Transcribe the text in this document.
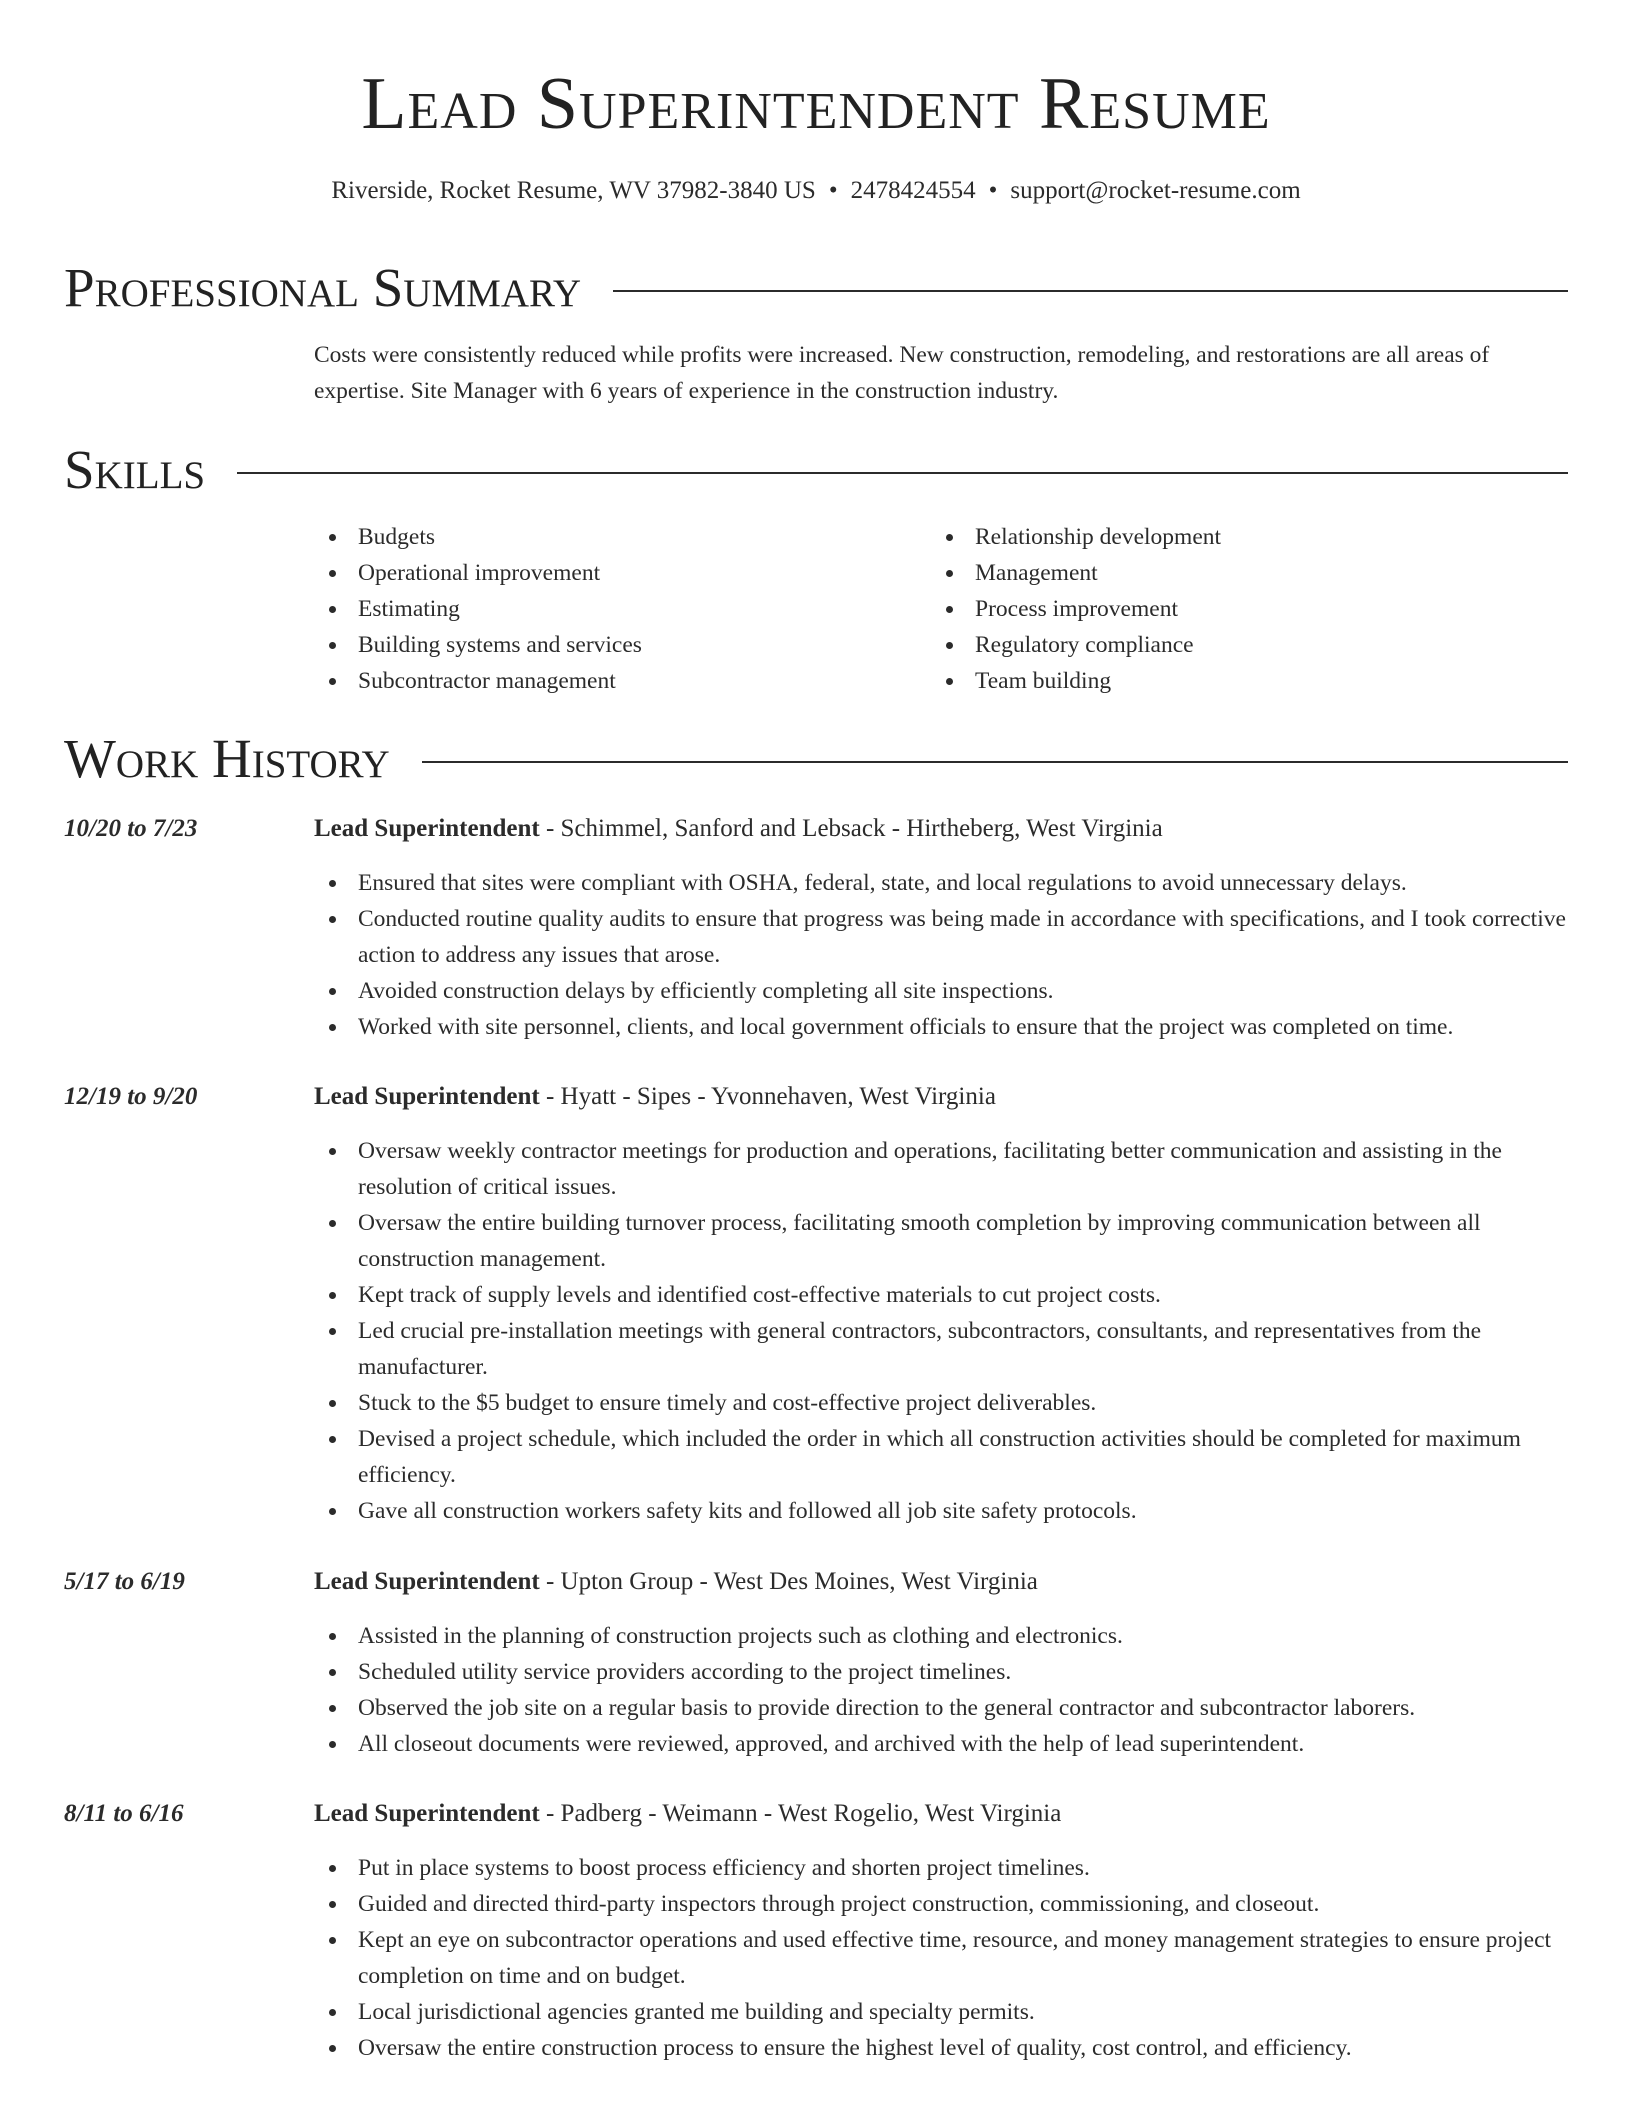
Lead Superintendent Resume
Riverside, Rocket Resume, WV 37982-3840 US • 2478424554 • support@rocket-resume.com
Professional Summary

Costs were consistently reduced while profits were increased. New construction, remodeling, and restorations are all areas of expertise. Site Manager with 6 years of experience in the construction industry.

Skills
Budgets
Operational improvement
Estimating
Building systems and services
Subcontractor management
Relationship development
Management
Process improvement
Regulatory compliance
Team building
Work History
10/20 to 7/23	Lead Superintendent - Schimmel, Sanford and Lebsack - Hirtheberg, West Virginia
Ensured that sites were compliant with OSHA, federal, state, and local regulations to avoid unnecessary delays.
Conducted routine quality audits to ensure that progress was being made in accordance with specifications, and I took corrective action to address any issues that arose.
Avoided construction delays by efficiently completing all site inspections.
Worked with site personnel, clients, and local government officials to ensure that the project was completed on time.
12/19 to 9/20	Lead Superintendent - Hyatt - Sipes - Yvonnehaven, West Virginia
Oversaw weekly contractor meetings for production and operations, facilitating better communication and assisting in the resolution of critical issues.
Oversaw the entire building turnover process, facilitating smooth completion by improving communication between all construction management.
Kept track of supply levels and identified cost-effective materials to cut project costs.
Led crucial pre-installation meetings with general contractors, subcontractors, consultants, and representatives from the manufacturer.
Stuck to the $5 budget to ensure timely and cost-effective project deliverables.
Devised a project schedule, which included the order in which all construction activities should be completed for maximum efficiency.
Gave all construction workers safety kits and followed all job site safety protocols.
5/17 to 6/19	Lead Superintendent - Upton Group - West Des Moines, West Virginia
Assisted in the planning of construction projects such as clothing and electronics.
Scheduled utility service providers according to the project timelines.
Observed the job site on a regular basis to provide direction to the general contractor and subcontractor laborers.
All closeout documents were reviewed, approved, and archived with the help of lead superintendent.
8/11 to 6/16	Lead Superintendent - Padberg - Weimann - West Rogelio, West Virginia
Put in place systems to boost process efficiency and shorten project timelines.
Guided and directed third-party inspectors through project construction, commissioning, and closeout.
Kept an eye on subcontractor operations and used effective time, resource, and money management strategies to ensure project completion on time and on budget.
Local jurisdictional agencies granted me building and specialty permits.
Oversaw the entire construction process to ensure the highest level of quality, cost control, and efficiency.
